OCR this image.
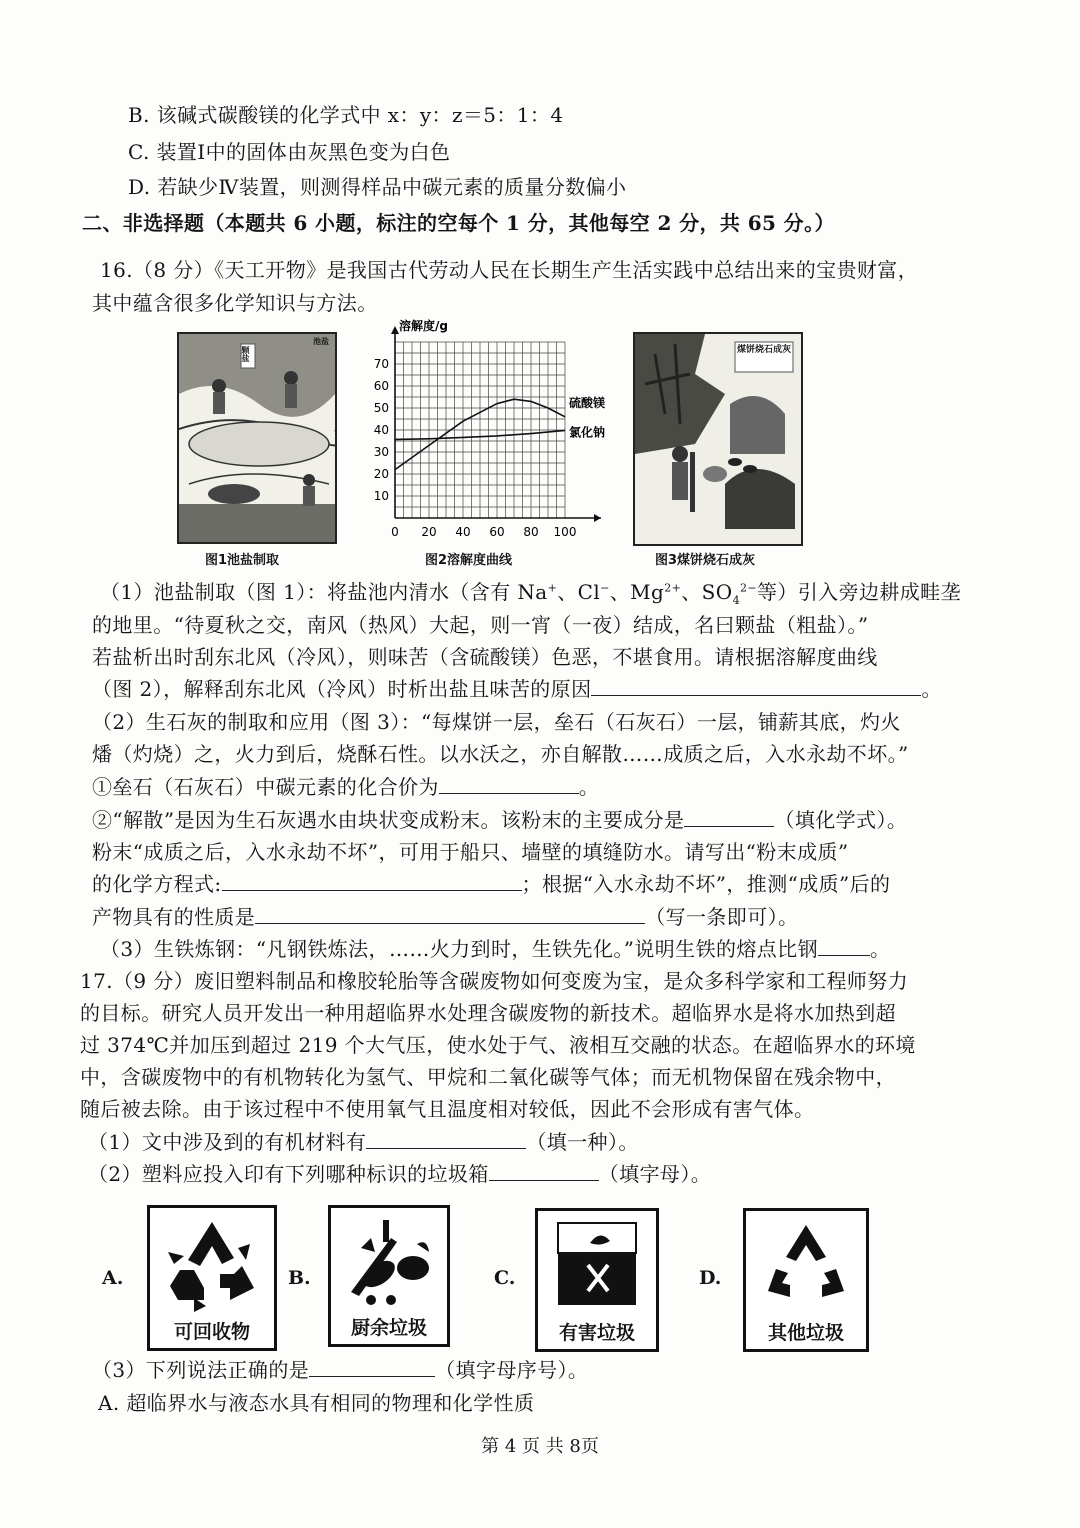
B. 该碱式碳酸镁的化学式中 x：y：z＝5：1：4
C. 装置Ⅰ中的固体由灰黑色变为白色
D. 若缺少Ⅳ装置，则测得样品中碳元素的质量分数偏小
二、非选择题（本题共 6 小题，标注的空每个 1 分，其他每空 2 分，共 65 分。）
16.（8 分）《天工开物》是我国古代劳动人民在长期生产生活实践中总结出来的宝贵财富，
其中蕴含很多化学知识与方法。
颗盐
池盐
图1池盐制取
0 20 40 60 80 100
10
20
30
40
50
60
70
溶解度/g
硫酸镁
氯化钠
图2溶解度曲线
煤饼烧石成灰
图3煤饼烧石成灰
（1）池盐制取（图 1）：将盐池内清水（含有 Na+、Cl−、$Mg^{2+}$、$SO_4^{2-}$等）引入旁边耕成畦垄
的地里。“待夏秋之交，南风（热风）大起，则一宵（一夜）结成，名曰颗盐（粗盐）。”
若盐析出时刮东北风（冷风），则味苦（含硫酸镁）色恶，不堪食用。请根据溶解度曲线
（图 2），解释刮东北风（冷风）时析出盐且味苦的原因	。
（2）生石灰的制取和应用（图 3）：“每煤饼一层，垒石（石灰石）一层，铺薪其底，灼火
燔（灼烧）之，火力到后，烧酥石性。以水沃之，亦自解散……成质之后，入水永劫不坏。”
①垒石（石灰石）中碳元素的化合价为	。
②“解散”是因为生石灰遇水由块状变成粉末。该粉末的主要成分是	（填化学式）。
粉末“成质之后，入水永劫不坏”，可用于船只、墙壁的填缝防水。请写出“粉末成质”
的化学方程式:	；根据“入水永劫不坏”，推测“成质”后的
产物具有的性质是	（写一条即可）。
（3）生铁炼钢：“凡钢铁炼法，……火力到时，生铁先化。”说明生铁的熔点比钢	。
17.（9 分）废旧塑料制品和橡胶轮胎等含碳废物如何变废为宝，是众多科学家和工程师努力
的目标。研究人员开发出一种用超临界水处理含碳废物的新技术。超临界水是将水加热到超
过 374℃并加压到超过 219 个大气压，使水处于气、液相互交融的状态。在超临界水的环境
中，含碳废物中的有机物转化为氢气、甲烷和二氧化碳等气体；而无机物保留在残余物中，
随后被去除。由于该过程中不使用氧气且温度相对较低，因此不会形成有害气体。
（1）文中涉及到的有机材料有	（填一种）。
（2）塑料应投入印有下列哪种标识的垃圾箱	（填字母）。
A.
可回收物
B.
厨余垃圾
C.
有害垃圾
D.
其他垃圾
（3）下列说法正确的是	（填字母序号）。
A. 超临界水与液态水具有相同的物理和化学性质
第 4 页 共 8页
